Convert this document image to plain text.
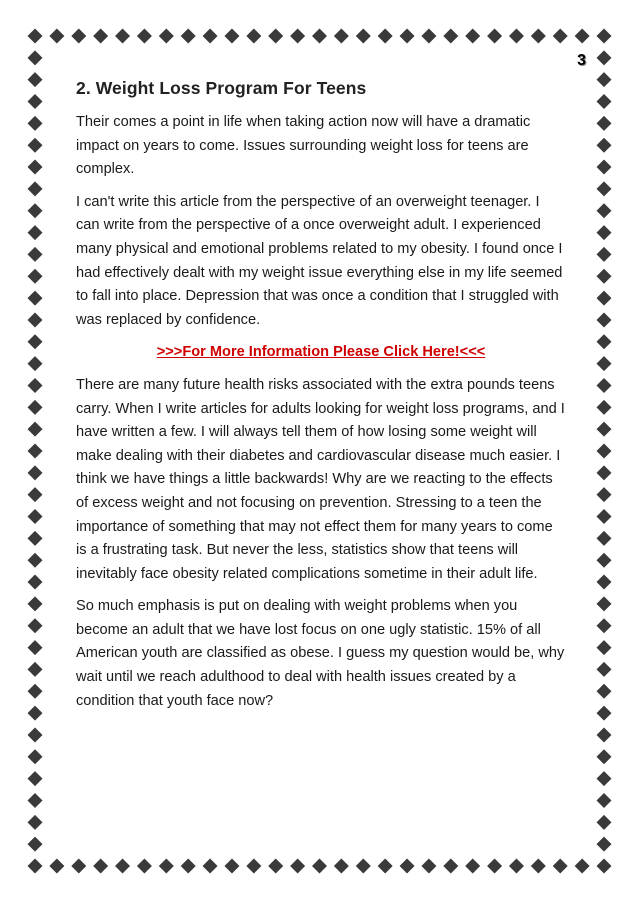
3
2. Weight Loss Program For Teens

Their comes a point in life when taking action now will have a dramatic impact on years to come. Issues surrounding weight loss for teens are complex.

I can't write this article from the perspective of an overweight teenager. I can write from the perspective of a once overweight adult. I experienced many physical and emotional problems related to my obesity. I found once I had effectively dealt with my weight issue everything else in my life seemed to fall into place. Depression that was once a condition that I struggled with was replaced by confidence.

>>>For More Information Please Click Here!<<<

There are many future health risks associated with the extra pounds teens carry. When I write articles for adults looking for weight loss programs, and I have written a few. I will always tell them of how losing some weight will make dealing with their diabetes and cardiovascular disease much easier. I think we have things a little backwards! Why are we reacting to the effects of excess weight and not focusing on prevention. Stressing to a teen the importance of something that may not effect them for many years to come is a frustrating task. But never the less, statistics show that teens will inevitably face obesity related complications sometime in their adult life.

So much emphasis is put on dealing with weight problems when you become an adult that we have lost focus on one ugly statistic. 15% of all American youth are classified as obese. I guess my question would be, why wait until we reach adulthood to deal with health issues created by a condition that youth face now?
